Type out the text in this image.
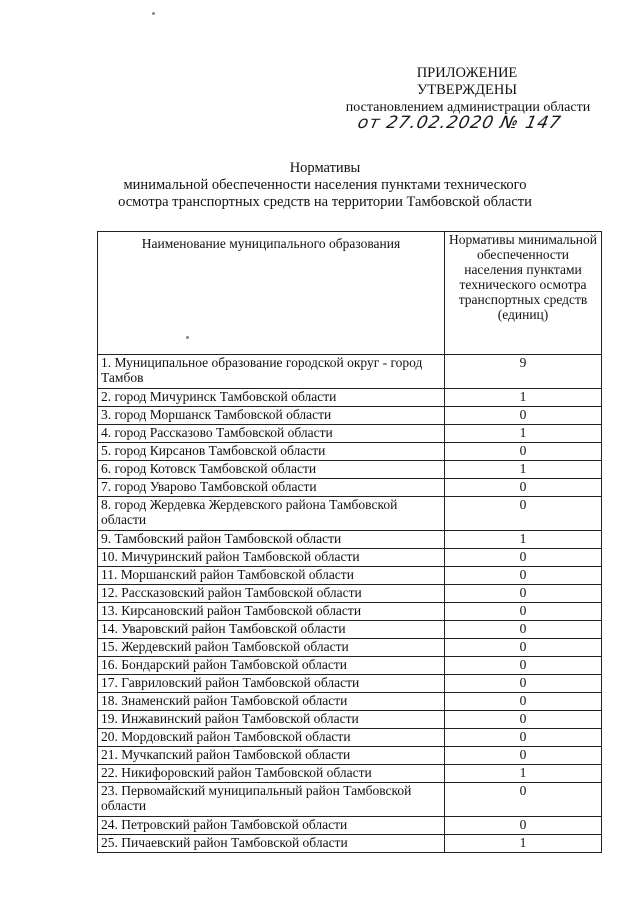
ПРИЛОЖЕНИЕ
УТВЕРЖДЕНЫ
постановлением администрации области
от 27.02.2020 № 147
Нормативы
минимальной обеспеченности населения пунктами технического
осмотра транспортных средств на территории Тамбовской области
Наименование муниципального образования	Нормативы минимальной обеспеченности населения пунктами технического осмотра транспортных средств (единиц)
1. Муниципальное образование городской округ - город Тамбов	9
2. город Мичуринск Тамбовской области	1
3. город Моршанск Тамбовской области	0
4. город Рассказово Тамбовской области	1
5. город Кирсанов Тамбовской области	0
6. город Котовск Тамбовской области	1
7. город Уварово Тамбовской области	0
8. город Жердевка Жердевского района Тамбовской области	0
9. Тамбовский район Тамбовской области	1
10. Мичуринский район Тамбовской области	0
11. Моршанский район Тамбовской области	0
12. Рассказовский район Тамбовской области	0
13. Кирсановский район Тамбовской области	0
14. Уваровский район Тамбовской области	0
15. Жердевский район Тамбовской области	0
16. Бондарский район Тамбовской области	0
17. Гавриловский район Тамбовской области	0
18. Знаменский район Тамбовской области	0
19. Инжавинский район Тамбовской области	0
20. Мордовский район Тамбовской области	0
21. Мучкапский район Тамбовской области	0
22. Никифоровский район Тамбовской области	1
23. Первомайский муниципальный район Тамбовской области	0
24. Петровский район Тамбовской области	0
25. Пичаевский район Тамбовской области	1
